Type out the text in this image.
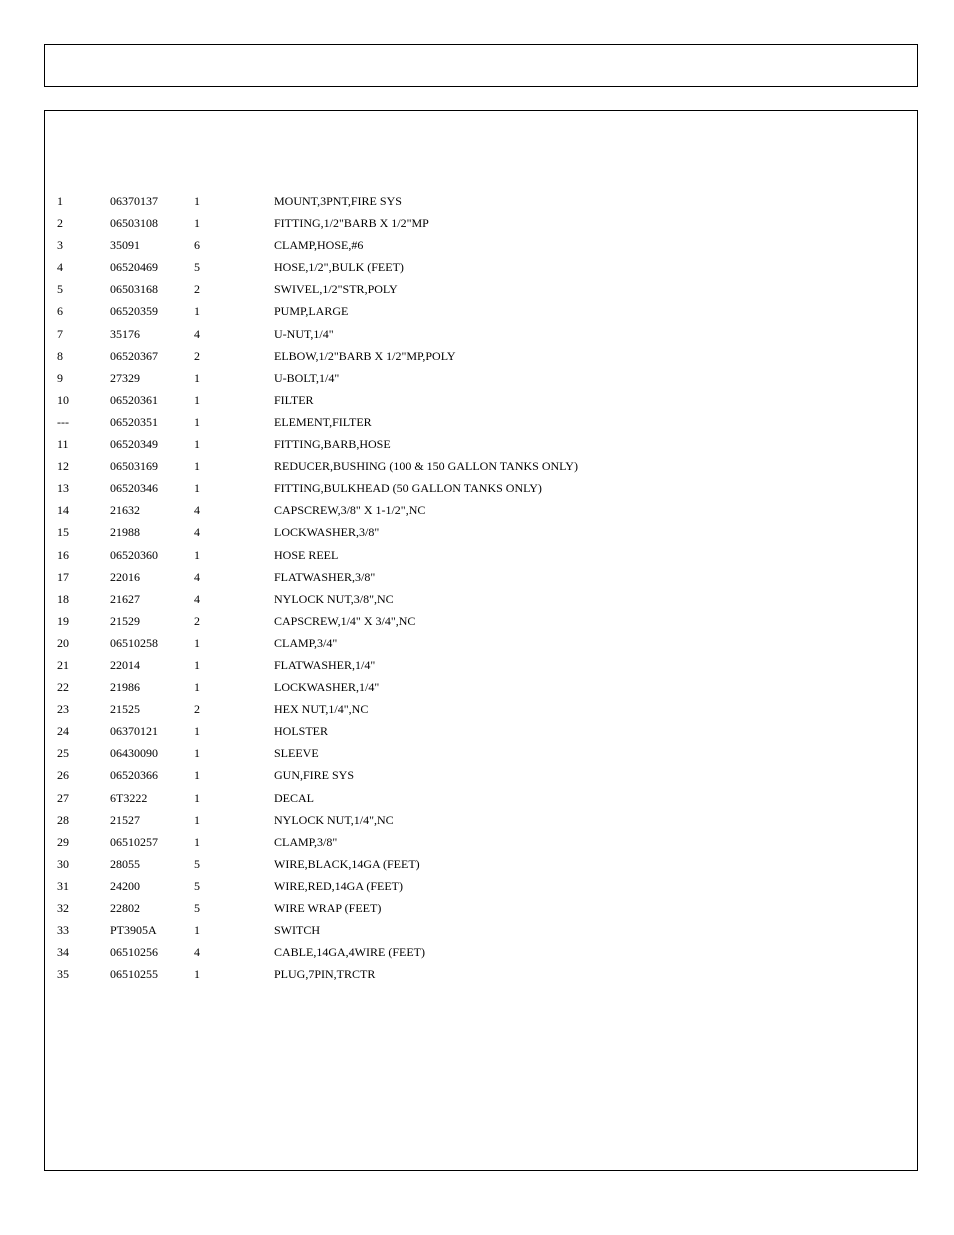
1	06370137	1	MOUNT,3PNT,FIRE SYS
2	06503108	1	FITTING,1/2"BARB X 1/2"MP
3	35091	6	CLAMP,HOSE,#6
4	06520469	5	HOSE,1/2",BULK (FEET)
5	06503168	2	SWIVEL,1/2"STR,POLY
6	06520359	1	PUMP,LARGE
7	35176	4	U-NUT,1/4"
8	06520367	2	ELBOW,1/2"BARB X 1/2"MP,POLY
9	27329	1	U-BOLT,1/4"
10	06520361	1	FILTER
---	06520351	1	ELEMENT,FILTER
11	06520349	1	FITTING,BARB,HOSE
12	06503169	1	REDUCER,BUSHING (100 & 150 GALLON TANKS ONLY)
13	06520346	1	FITTING,BULKHEAD (50 GALLON TANKS ONLY)
14	21632	4	CAPSCREW,3/8" X 1-1/2",NC
15	21988	4	LOCKWASHER,3/8"
16	06520360	1	HOSE REEL
17	22016	4	FLATWASHER,3/8"
18	21627	4	NYLOCK NUT,3/8",NC
19	21529	2	CAPSCREW,1/4" X 3/4",NC
20	06510258	1	CLAMP,3/4"
21	22014	1	FLATWASHER,1/4"
22	21986	1	LOCKWASHER,1/4"
23	21525	2	HEX NUT,1/4",NC
24	06370121	1	HOLSTER
25	06430090	1	SLEEVE
26	06520366	1	GUN,FIRE SYS
27	6T3222	1	DECAL
28	21527	1	NYLOCK NUT,1/4",NC
29	06510257	1	CLAMP,3/8"
30	28055	5	WIRE,BLACK,14GA (FEET)
31	24200	5	WIRE,RED,14GA (FEET)
32	22802	5	WIRE WRAP (FEET)
33	PT3905A	1	SWITCH
34	06510256	4	CABLE,14GA,4WIRE (FEET)
35	06510255	1	PLUG,7PIN,TRCTR
